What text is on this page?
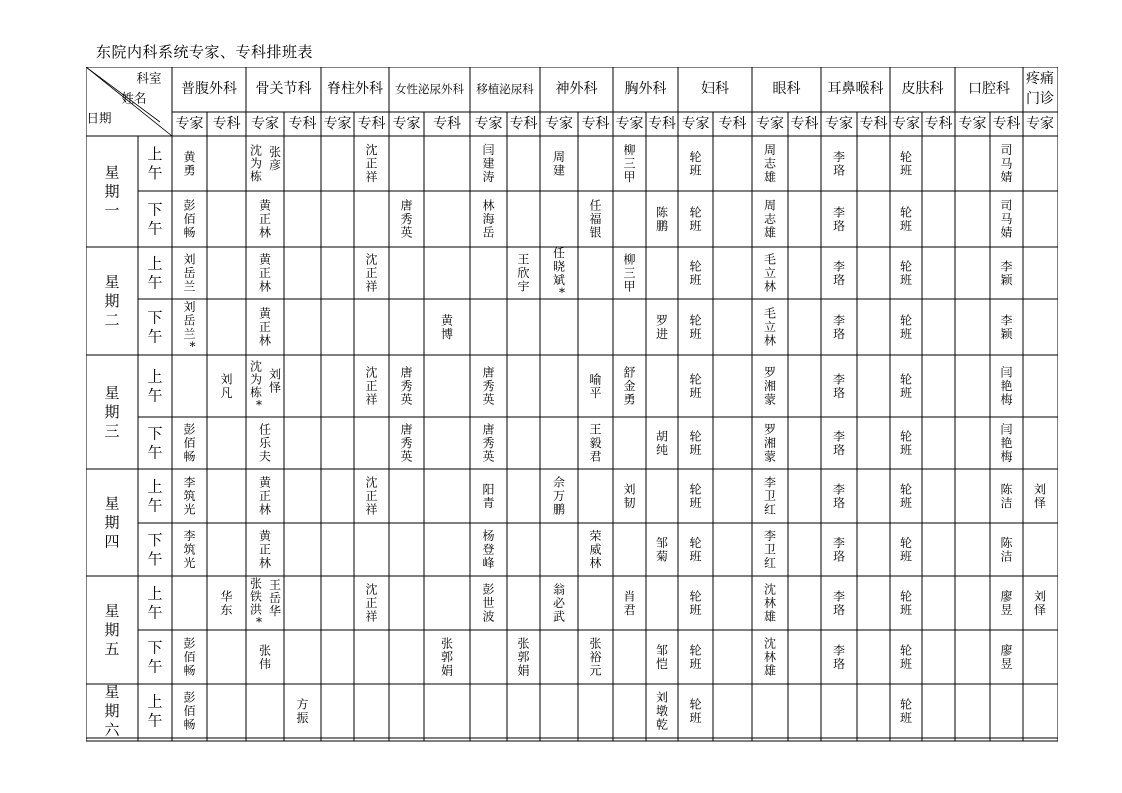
东院内科系统专家、专科排班表
科室
姓名
日期
普腹外科
专家 专科
骨关节科
专家 专科
脊柱外科
专家 专科
女性泌尿外科
专家 专科
移植泌尿科
专家 专科
神外科
专家 专科
胸外科
专家 专科
妇科
专家 专科
眼科
专家 专科
耳鼻喉科
专家 专科
皮肤科
专家 专科
口腔科
专家 专科
疼痛
门诊
专家
星
期
一
上
午
黄
勇
沈
为
栋
张
彦
沈
正
祥
闫
建
涛
周
建
柳
三
甲
轮
班
周
志
雄
李
珞
轮
班
司
马
婧
下
午
彭
佰
畅
黄
正
林
唐
秀
英
林
海
岳
任
福
银
陈
鹏
轮
班
周
志
雄
李
珞
轮
班
司
马
婧
星
期
二
上
午
刘
岳
兰
黄
正
林
沈
正
祥
王
欣
宇
任
晓
斌
*
柳
三
甲
轮
班
毛
立
林
李
珞
轮
班
李
颖
下
午
刘
岳
兰
*
黄
正
林
黄
博
罗
进
轮
班
毛
立
林
李
珞
轮
班
李
颖
星
期
三
上
午
刘
凡
沈
为
栋
*
刘
怿
沈
正
祥
唐
秀
英
唐
秀
英
喻
平
舒
金
勇
轮
班
罗
湘
蒙
李
珞
轮
班
闫
艳
梅
下
午
彭
佰
畅
任
乐
夫
唐
秀
英
唐
秀
英
王
毅
君
胡
纯
轮
班
罗
湘
蒙
李
珞
轮
班
闫
艳
梅
星
期
四
上
午
李
筑
光
黄
正
林
沈
正
祥
阳
青
佘
万
鹏
刘
韧
轮
班
李
卫
红
李
珞
轮
班
陈
洁
刘
怿
下
午
李
筑
光
黄
正
林
杨
登
峰
荣
威
林
邹
菊
轮
班
李
卫
红
李
珞
轮
班
陈
洁
星
期
五
上
午
华
东
张
铁
洪
*
王
岳
华
沈
正
祥
彭
世
波
翁
必
武
肖
君
轮
班
沈
林
雄
李
珞
轮
班
廖
昱
刘
怿
下
午
彭
佰
畅
张
伟
张
郭
娟
张
郭
娟
张
裕
元
邹
恺
轮
班
沈
林
雄
李
珞
轮
班
廖
昱
星
期
六
上
午
彭
佰
畅
方
振
刘
墩
乾
轮
班
轮
班
